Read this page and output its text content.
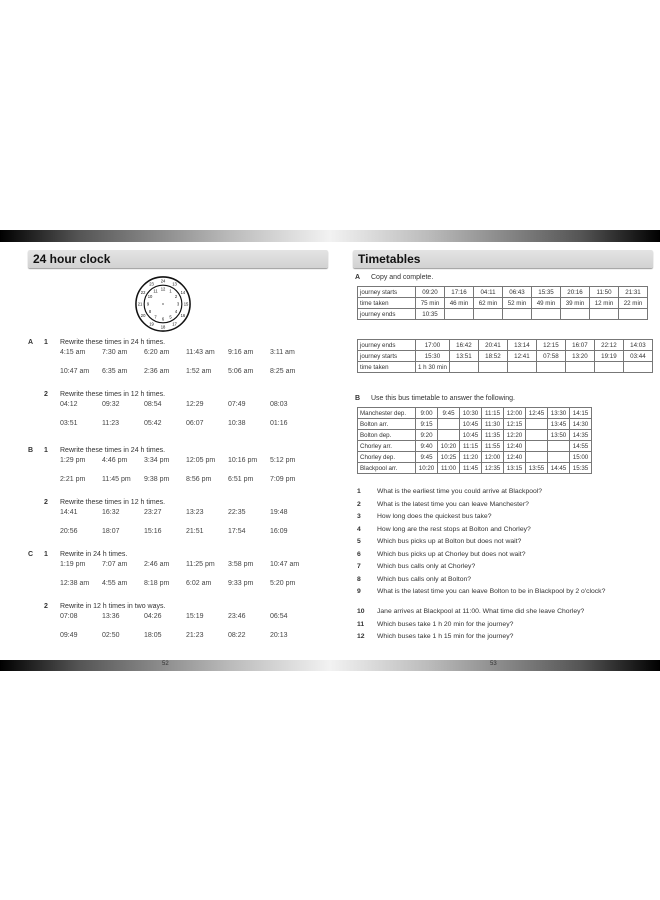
24 hour clock
24
13
14
15
16
17
18
19
20
21
22
23
12 1
2
3
4
5
6
7
8
9
10
11
A 1 Rewrite these times in 24 h times.
4:15 am	7:30 am	6:20 am	11:43 am	9:16 am	3:11 am
10:47 am	6:35 am	2:36 am	1:52 am	5:06 am	8:25 am
2 Rewrite these times in 12 h times.
04:12	09:32	08:54	12:29	07:49	08:03
03:51	11:23	05:42	06:07	10:38	01:16
B 1 Rewrite these times in 24 h times.
1:29 pm	4:46 pm	3:34 pm	12:05 pm	10:16 pm	5:12 pm
2:21 pm	11:45 pm	9:38 pm	8:56 pm	6:51 pm	7:09 pm
2 Rewrite these times in 12 h times.
14:41	16:32	23:27	13:23	22:35	19:48
20:56	18:07	15:16	21:51	17:54	16:09
C 1 Rewrite in 24 h times.
1:19 pm	7:07 am	2:46 am	11:25 pm	3:58 pm	10:47 am
12:38 am	4:55 am	8:18 pm	6:02 am	9:33 pm	5:20 pm
2 Rewrite in 12 h times in two ways.
07:08	13:36	04:26	15:19	23:46	06:54
09:49	02:50	18:05	21:23	08:22	20:13
Timetables
A Copy and complete.
journey starts	09:20	17:16	04:11	06:43	15:35	20:16	11:50	21:31
time taken	75 min	46 min	62 min	52 min	49 min	39 min	12 min	22 min
journey ends	10:35							
journey ends	17:00	16:42	20:41	13:14	12:15	16:07	22:12	14:03
journey starts	15:30	13:51	18:52	12:41	07:58	13:20	19:19	03:44
time taken	1 h 30 min							
B Use this bus timetable to answer the following.
Manchester dep.	9:00	9:45	10:30	11:15	12:00	12:45	13:30	14:15
Bolton arr.	9:15		10:45	11:30	12:15		13:45	14:30
Bolton dep.	9:20		10:45	11:35	12:20		13:50	14:35
Chorley arr.	9:40	10:20	11:15	11:55	12:40			14:55
Chorley dep.	9:45	10:25	11:20	12:00	12:40			15:00
Blackpool arr.	10:20	11:00	11:45	12:35	13:15	13:55	14:45	15:35
1 What is the earliest time you could arrive at Blackpool?
2 What is the latest time you can leave Manchester?
3 How long does the quickest bus take?
4 How long are the rest stops at Bolton and Chorley?
5 Which bus picks up at Bolton but does not wait?
6 Which bus picks up at Chorley but does not wait?
7 Which bus calls only at Chorley?
8 Which bus calls only at Bolton?
9 What is the latest time you can leave Bolton to be in Blackpool by 2 o'clock?
10 Jane arrives at Blackpool at 11:00. What time did she leave Chorley?
11 Which buses take 1 h 20 min for the journey?
12 Which buses take 1 h 15 min for the journey?
52	53
